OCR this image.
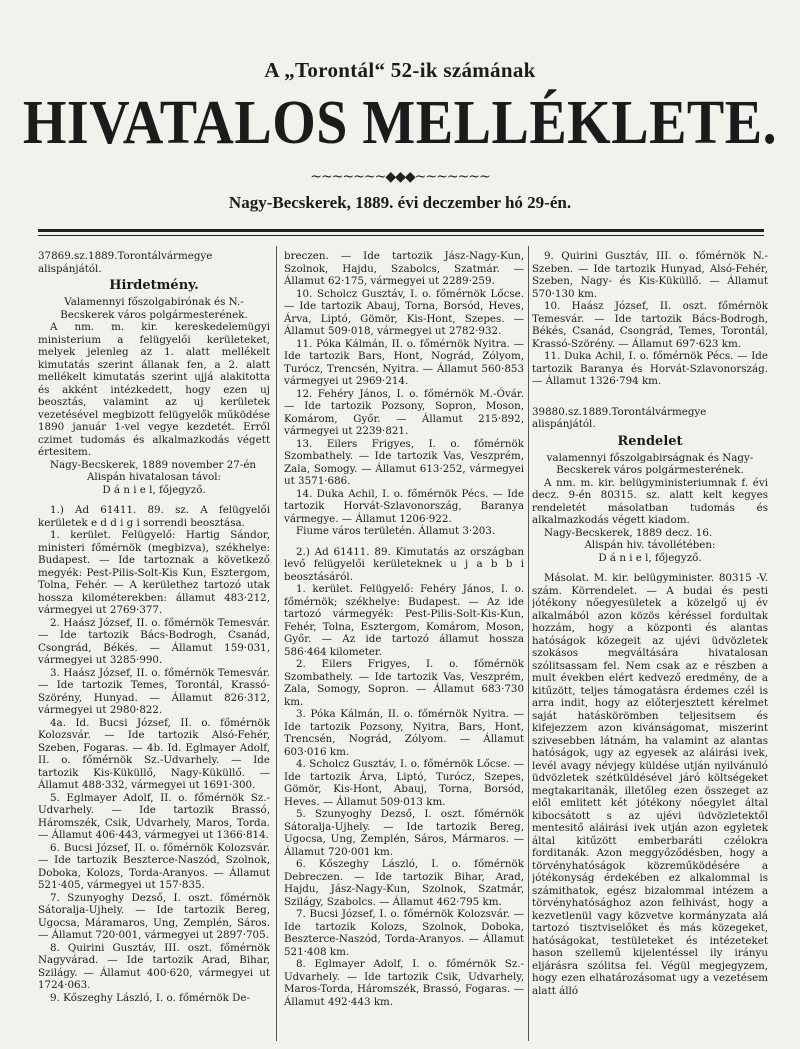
A „Torontál“ 52-ik számának
HIVATALOS MELLÉKLETE.
~~~~~~~◆◆◆~~~~~~~
Nagy-Becskerek, 1889. évi deczember hó 29-én.

37869.sz.1889.Torontálvármegye alispánjától.

Hirdetmény.

Valamennyi főszolgabirónak és N.-Becskerek város polgármesterének.

A nm. m. kir. kereskedelemügyi ministerium a felügyelői kerületeket, melyek jelenleg az 1. alatt mellékelt kimutatás szerint állanak fen, a 2. alatt mellékelt kimutatás szerint ujjá alakitotta és akként intézkedett, hogy ezen uj beosztás, valamint az uj kerületek vezetésével megbizott felügyelők működése 1890 január 1-vel vegye kezdetét. Erről czimet tudomás és alkalmazkodás végett értesitem.

Nagy-Becskerek, 1889 november 27-én

Alispán hivatalosan távol:

D á n i e l, főjegyző.

1.) Ad 61411. 89. sz. A felügyelői kerületek e d d i g i sorrendi beosztása.

1. kerület. Felügyelő: Hartig Sándor, ministeri főmérnök (megbizva), székhelye: Budapest. — Ide tartoznak a következő megyék: Pest-Pilis-Solt-Kis Kun, Esztergom, Tolna, Fehér. — A kerülethez tartozó utak hossza kilométerekben: államut 483·212, vármegyei ut 2769·377.

2. Haász József, II. o. főmérnök Temesvár. — Ide tartozik Bács-Bodrogh, Csanád, Csongrád, Békés. — Államut 159·031, vármegyei ut 3285·990.

3. Haász József, II. o. főmérnök Temesvár. — Ide tartozik Temes, Torontál, Krassó-Szörény, Hunyad. — Államut 826·312, vármegyei ut 2980·822.

4a. Id. Bucsi József, II. o. főmérnök Kolozsvár. — Ide tartozik Alsó-Fehér, Szeben, Fogaras. — 4b. Id. Eglmayer Adolf, II. o. főmérnök Sz.-Udvarhely. — Ide tartozik Kis-Küküllő, Nagy-Küküllő. — Államut 488·332, vármegyei ut 1691·300.

5. Eglmayer Adolf, II. o. főmérnök Sz.-Udvarhely. — Ide tartozik Brassó, Háromszék, Csik, Udvarhely, Maros, Torda. — Államut 406·443, vármegyei ut 1366·814.

6. Bucsi József, II. o. főmérnök Kolozsvár. — Ide tartozik Beszterce-Naszód, Szolnok, Doboka, Kolozs, Torda-Aranyos. — Államut 521·405, vármegyei ut 157·835.

7. Szunyoghy Dezső, I. oszt. főmérnök Sátoralja-Ujhely. — Ide tartozik Bereg, Ugocsa, Máramaros, Ung, Zemplén, Sáros. — Államut 720·001, vármegyei ut 2897·705.

8. Quirini Gusztáv, III. oszt. főmérnök Nagyvárad. — Ide tartozik Arad, Bihar, Szilágy. — Államut 400·620, vármegyei ut 1724·063.

9. Kőszeghy László, I. o. főmérnök De-

breczen. — Ide tartozik Jász-Nagy-Kun, Szolnok, Hajdu, Szabolcs, Szatmár. — Államut 62·175, vármegyei ut 2289·259.

10. Scholcz Gusztáv, I. o. főmérnök Lőcse. — Ide tartozik Abauj, Torna, Borsód, Heves, Árva, Liptó, Gömör, Kis-Hont, Szepes. — Államut 509·018, vármegyei ut 2782·932.

11. Póka Kálmán, II. o. főmérnök Nyitra. — Ide tartozik Bars, Hont, Nográd, Zólyom, Turócz, Trencsén, Nyitra. — Államut 560·853 vármegyei ut 2969·214.

12. Fehéry János, I. o. főmérnök M.-Óvár. — Ide tartozik Pozsony, Sopron, Moson, Komárom, Győr. — Államut 215·892, vármegyei ut 2239·821.

13. Eilers Frigyes, I. o. főmérnök Szombathely. — Ide tartozik Vas, Veszprém, Zala, Somogy. — Államut 613·252, vármegyei ut 3571·686.

14. Duka Achil, I. o. főmérnök Pécs. — Ide tartozik Horvát-Szlavonország, Baranya vármegye. — Államut 1206·922.

Fiume város területén. Államut 3·203.

2.) Ad 61411. 89. Kimutatás az országban levő felügyelői kerületeknek u j a b b i beosztásáról.

1. kerület. Felügyelő: Fehéry János, I. o. főmérnök; székhelye: Budapest. — Az ide tartozó vármegyék: Pest-Pilis-Solt-Kis-Kun, Fehér, Tolna, Esztergom, Komárom, Moson, Győr. — Az ide tartozó államut hossza 586·464 kilometer.

2. Eilers Frigyes, I. o. főmérnök Szombathely. — Ide tartozik Vas, Veszprém, Zala, Somogy, Sopron. — Államut 683·730 km.

3. Póka Kálmán, II. o. főmérnök Nyitra. — Ide tartozik Pozsony, Nyitra, Bars, Hont, Trencsén, Nográd, Zólyom. — Államut 603·016 km.

4. Scholcz Gusztáv, I. o. főmérnök Lőcse. — Ide tartozik Árva, Liptó, Turócz, Szepes, Gömör, Kis-Hont, Abauj, Torna, Borsód, Heves. — Államut 509·013 km.

5. Szunyoghy Dezső, I. oszt. főmérnök Sátoralja-Ujhely. — Ide tartozik Bereg, Ugocsa, Ung, Zemplén, Sáros, Mármaros. — Államut 720·001 km.

6. Kőszeghy László, I. o. főmérnök Debreczen. — Ide tartozik Bihar, Arad, Hajdu, Jász-Nagy-Kun, Szolnok, Szatmár, Szilágy, Szabolcs. — Államut 462·795 km.

7. Bucsi József, I. o. főmérnök Kolozsvár. — Ide tartozik Kolozs, Szolnok, Doboka, Beszterce-Naszód, Torda-Aranyos. — Államut 521·408 km.

8. Eglmayer Adolf, I. o. főmérnök Sz.-Udvarhely. — Ide tartozik Csik, Udvarhely, Maros-Torda, Háromszék, Brassó, Fogaras. — Államut 492·443 km.

9. Quirini Gusztáv, III. o. főmérnök N.-Szeben. — Ide tartozik Hunyad, Alsó-Fehér, Szeben, Nagy- és Kis-Küküllő. — Államut 570·130 km.

10. Haász József, II. oszt. főmérnök Temesvár. — Ide tartozik Bács-Bodrogh, Békés, Csanád, Csongrád, Temes, Torontál, Krassó-Szörény. — Államut 697·623 km.

11. Duka Achil, I. o. főmérnök Pécs. — Ide tartozik Baranya és Horvát-Szlavonország. — Államut 1326·794 km.

39880.sz.1889.Torontálvármegye alispánjától.

Rendelet

valamennyi főszolgabirságnak és Nagy-Becskerek város polgármesterének.

A nm. m. kir. belügyministeriumnak f. évi decz. 9-én 80315. sz. alatt kelt kegyes rendeletét másolatban tudomás és alkalmazkodás végett kiadom.

Nagy-Becskerek, 1889 decz. 16.

Alispán hiv. távollétében:

D á n i e l, főjegyző.

Másolat. M. kir. belügyminister. 80315 -V. szám. Körrendelet. — A budai és pesti jótékony nőegyesületek a közelgő uj év alkalmából azon közös kéréssel fordultak hozzám, hogy a központi és alantas hatóságok közegeit az ujévi üdvözletek szokásos megváltására hivatalosan szólitsassam fel. Nem csak az e részben a mult években elért kedvező eredmény, de a kitűzött, teljes támogatásra érdemes czél is arra indit, hogy az előterjesztett kérelmet saját hatáskörömben teljesitsem és kifejezzem azon kivánságomat, miszerint szivesebben látnám, ha valamint az alantas hatóságok, ugy az egyesek az aláirási ivek, levél avagy névjegy küldése utján nyilvánuló üdvözletek szétküldésével járó költségeket megtakaritanák, illetőleg ezen összeget az elől emlitett két jótékony nőegylet által kibocsátott s az ujévi üdvözletektől mentesitő aláirási ivek utján azon egyletek által kitűzött emberbaráti czélokra forditanák. Azon meggyőződésben, hogy a törvényhatóságok közreműködésére a jótékonyság érdekében ez alkalommal is számithatok, egész bizalommal intézem a törvényhatósághoz azon felhivást, hogy a kezvetlenül vagy közvetve kormányzata alá tartozó tisztviselőket és más közegeket, hatóságokat, testületeket és intézeteket hason szellemű kijelentéssel ily irányu eljárásra szólitsa fel. Végül megjegyzem, hogy ezen elhatározásomat ugy a vezetésem alatt álló
